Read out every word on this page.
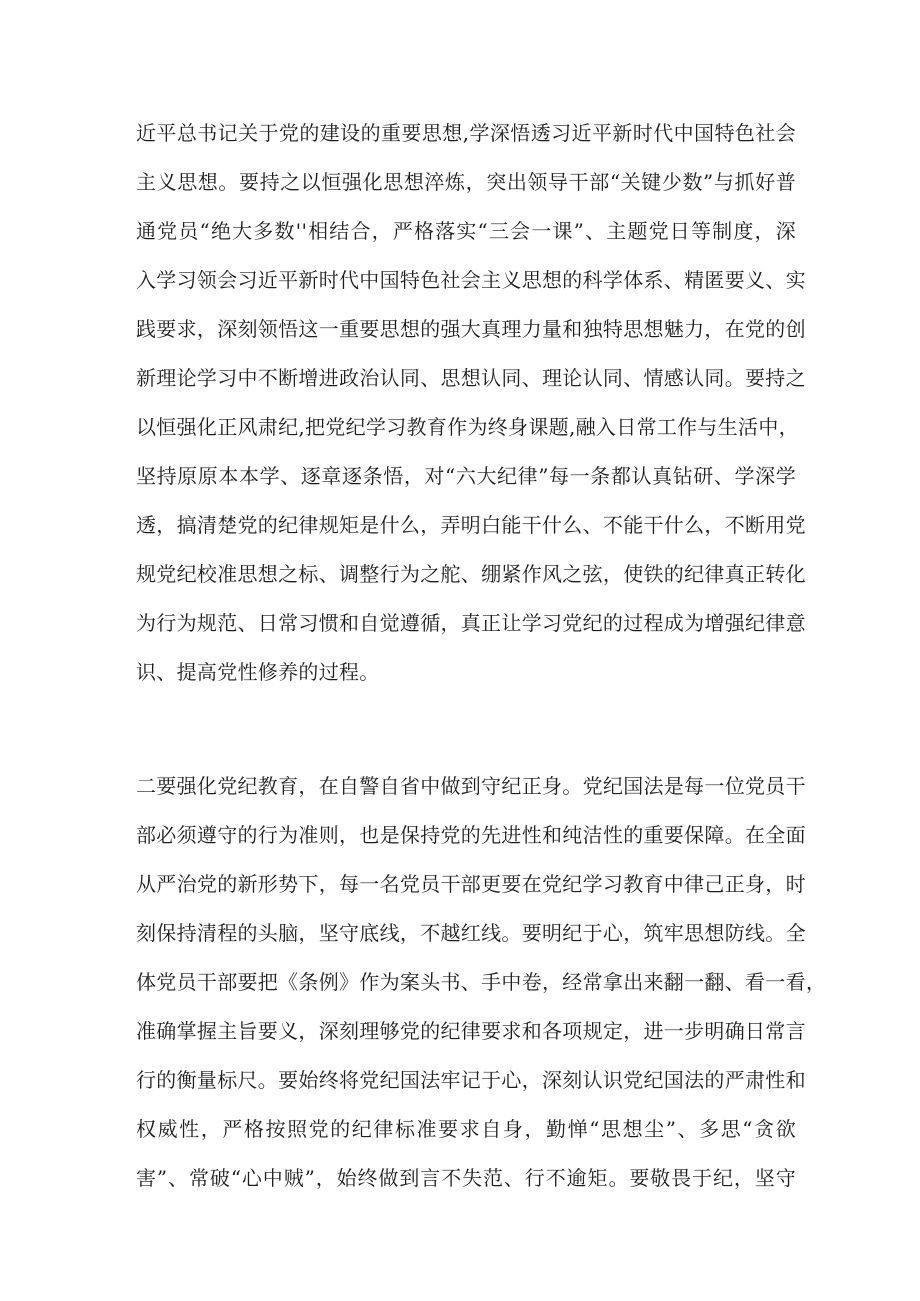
近平总书记关于党的建设的重要思想,学深悟透习近平新时代中国特色社会
主义思想。要持之以恒强化思想淬炼，突出领导干部“关键少数”与抓好普
通党员“绝大多数''相结合，严格落实“三会一课”、主题党日等制度，深
入学习领会习近平新时代中国特色社会主义思想的科学体系、精匿要义、实
践要求，深刻领悟这一重要思想的强大真理力量和独特思想魅力，在党的创
新理论学习中不断增进政治认同、思想认同、理论认同、情感认同。要持之
以恒强化正风肃纪,把党纪学习教育作为终身课题,融入日常工作与生活中，
坚持原原本本学、逐章逐条悟，对“六大纪律”每一条都认真钻研、学深学
透，搞清楚党的纪律规矩是什么，弄明白能干什么、不能干什么，不断用党
规党纪校准思想之标、调整行为之舵、绷紧作风之弦，使铁的纪律真正转化
为行为规范、日常习惯和自觉遵循，真正让学习党纪的过程成为增强纪律意
识、提高党性修养的过程。
二要强化党纪教育，在自警自省中做到守纪正身。党纪国法是每一位党员干
部必须遵守的行为准则，也是保持党的先进性和纯洁性的重要保障。在全面
从严治党的新形势下，每一名党员干部更要在党纪学习教育中律己正身，时
刻保持清程的头脑，坚守底线，不越红线。要明纪于心，筑牢思想防线。全
体党员干部要把《条例》作为案头书、手中卷，经常拿出来翻一翻、看一看，
准确掌握主旨要义，深刻理够党的纪律要求和各项规定，进一步明确日常言
行的衡量标尺。要始终将党纪国法牢记于心，深刻认识党纪国法的严肃性和
权威性，严格按照党的纪律标准要求自身，勤惮“思想尘”、多思“贪欲
害”、常破“心中贼”，始终做到言不失范、行不逾矩。要敬畏于纪，坚守
